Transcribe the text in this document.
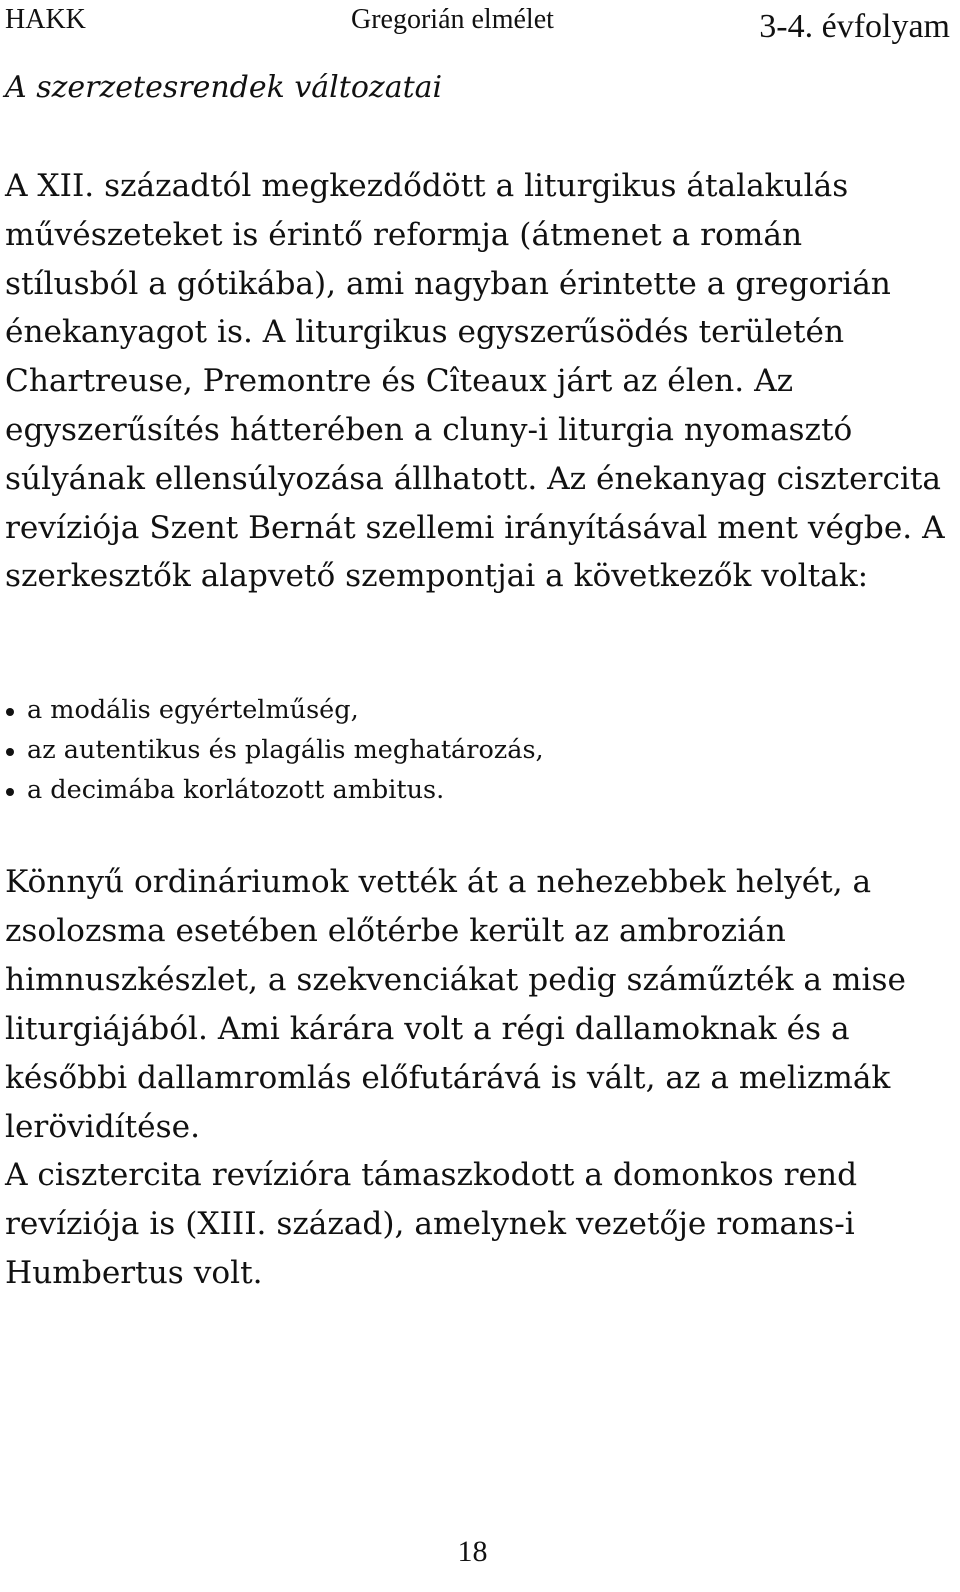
HAKK	Gregorián elmélet	3-4. évfolyam
A szerzetesrendek változatai

A XII. századtól megkezdődött a liturgikus átalakulás művészeteket is érintő reformja (átmenet a román stílusból a gótikába), ami nagyban érintette a gregorián énekanyagot is. A liturgikus egyszerűsödés területén Chartreuse, Premontre és Cîteaux járt az élen. Az egyszerűsítés hátterében a cluny-i liturgia nyomasztó súlyának ellensúlyozása állhatott. Az énekanyag cisztercita revíziója Szent Bernát szellemi irányításával ment végbe. A szerkesztők alapvető szempontjai a következők voltak:

a modális egyértelműség,
az autentikus és plagális meghatározás,
a decimába korlátozott ambitus.

Könnyű ordináriumok vették át a nehezebbek helyét, a zsolozsma esetében előtérbe került az ambrozián himnuszkészlet, a szekvenciákat pedig száműzték a mise liturgiájából. Ami kárára volt a régi dallamoknak és a későbbi dallamromlás előfutárává is vált, az a melizmák lerövidítése.

A cisztercita revízióra támaszkodott a domonkos rend revíziója is (XIII. század), amelynek vezetője romans-i Humbertus volt.

18
